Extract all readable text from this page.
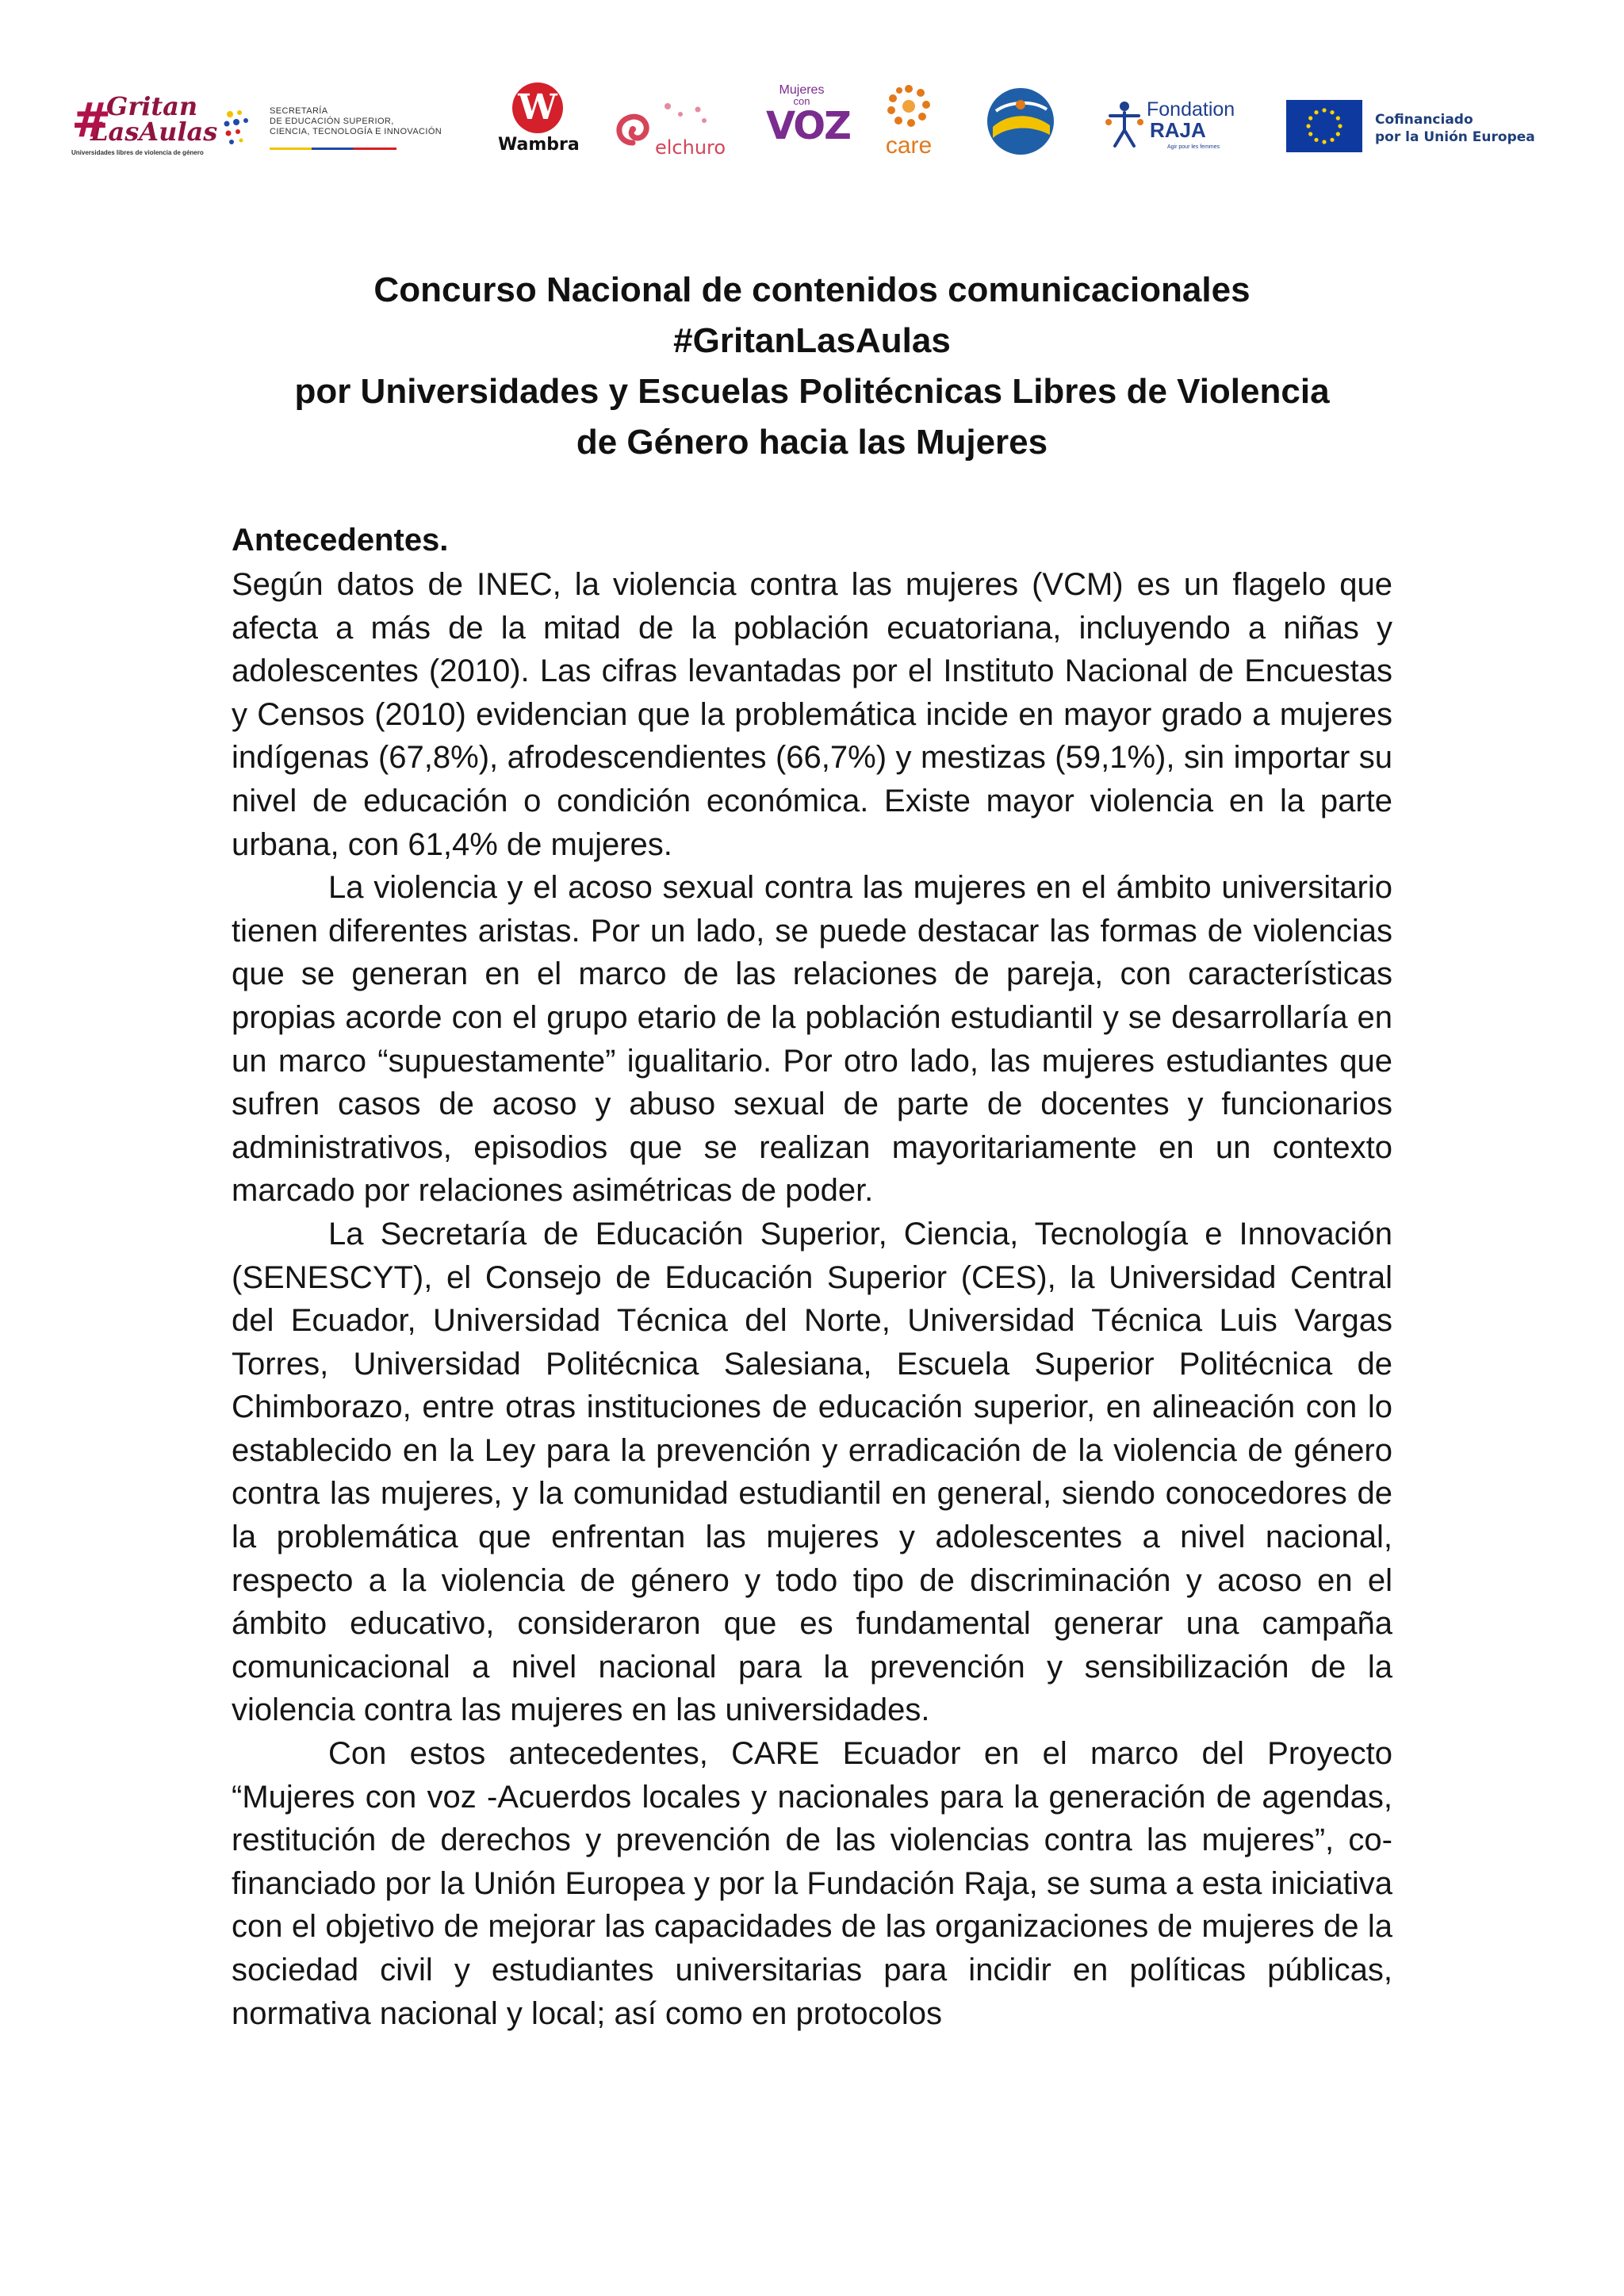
#
Gritan
LasAulas
Universidades libres de violencia de género
SECRETARÍA
DE EDUCACIÓN SUPERIOR,
CIENCIA, TECNOLOGÍA E INNOVACIÓN
W
Wambra	elchuro
Mujeres
con
VOZ	care
Fondation
RAJA
Agir pour les femmes
Cofinanciado
por la Unión Europea
Concurso Nacional de contenidos comunicacionales
#GritanLasAulas
por Universidades y Escuelas Politécnicas Libres de Violencia
de Género hacia las Mujeres
Antecedentes.

Según datos de INEC, la violencia contra las mujeres (VCM) es un flagelo que afecta a más de la mitad de la población ecuatoriana, incluyendo a niñas y adolescentes (2010). Las cifras levantadas por el Instituto Nacional de Encuestas y Censos (2010) evidencian que la problemática incide en mayor grado a mujeres indígenas (67,8%), afrodescendientes (66,7%) y mestizas (59,1%), sin importar su nivel de educación o condición económica. Existe mayor violencia en la parte urbana, con 61,4% de mujeres.

La violencia y el acoso sexual contra las mujeres en el ámbito universitario tienen diferentes aristas. Por un lado, se puede destacar las formas de violencias que se generan en el marco de las relaciones de pareja, con características propias acorde con el grupo etario de la población estudiantil y se desarrollaría en un marco “supuestamente” igualitario. Por otro lado, las mujeres estudiantes que sufren casos de acoso y abuso sexual de parte de docentes y funcionarios administrativos, episodios que se realizan mayoritariamente en un contexto marcado por relaciones asimétricas de poder.

La Secretaría de Educación Superior, Ciencia, Tecnología e Innovación (SENESCYT), el Consejo de Educación Superior (CES), la Universidad Central del Ecuador, Universidad Técnica del Norte, Universidad Técnica Luis Vargas Torres, Universidad Politécnica Salesiana, Escuela Superior Politécnica de Chimborazo, entre otras instituciones de educación superior, en alineación con lo establecido en la Ley para la prevención y erradicación de la violencia de género contra las mujeres, y la comunidad estudiantil en general, siendo conocedores de la problemática que enfrentan las mujeres y adolescentes a nivel nacional, respecto a la violencia de género y todo tipo de discriminación y acoso en el ámbito educativo, consideraron que es fundamental generar una campaña comunicacional a nivel nacional para la prevención y sensibilización de la violencia contra las mujeres en las universidades.

Con estos antecedentes, CARE Ecuador en el marco del Proyecto “Mujeres con voz -Acuerdos locales y nacionales para la generación de agendas, restitución de derechos y prevención de las violencias contra las mujeres”, co-financiado por la Unión Europea y por la Fundación Raja, se suma a esta iniciativa con el objetivo de mejorar las capacidades de las organizaciones de mujeres de la sociedad civil y estudiantes universitarias para incidir en políticas públicas, normativa nacional y local; así como en protocolos
